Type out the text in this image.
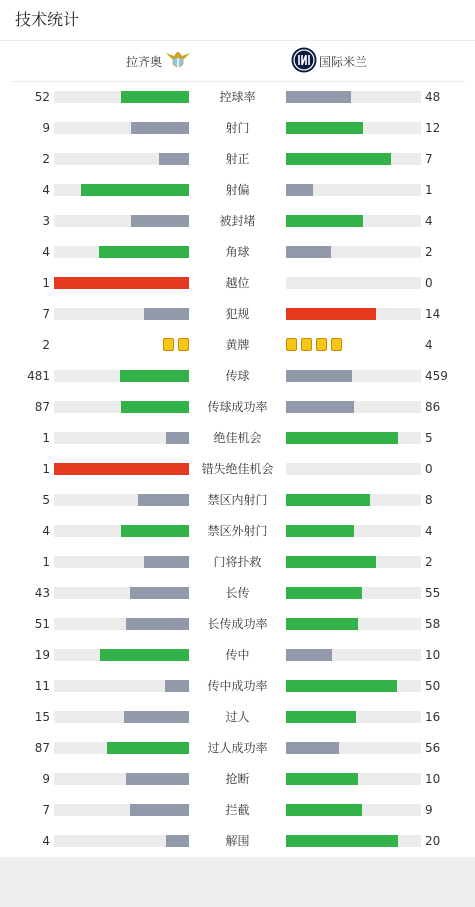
技术统计
拉齐奥	国际米兰
52	控球率	48
9	射门	12
2	射正	7
4	射偏	1
3	被封堵	4
4	角球	2
1	越位	0
7	犯规	14
2	黄牌	4
481	传球	459
87	传球成功率	86
1	绝佳机会	5
1	错失绝佳机会	0
5	禁区内射门	8
4	禁区外射门	4
1	门将扑救	2
43	长传	55
51	长传成功率	58
19	传中	10
11	传中成功率	50
15	过人	16
87	过人成功率	56
9	抢断	10
7	拦截	9
4	解围	20
